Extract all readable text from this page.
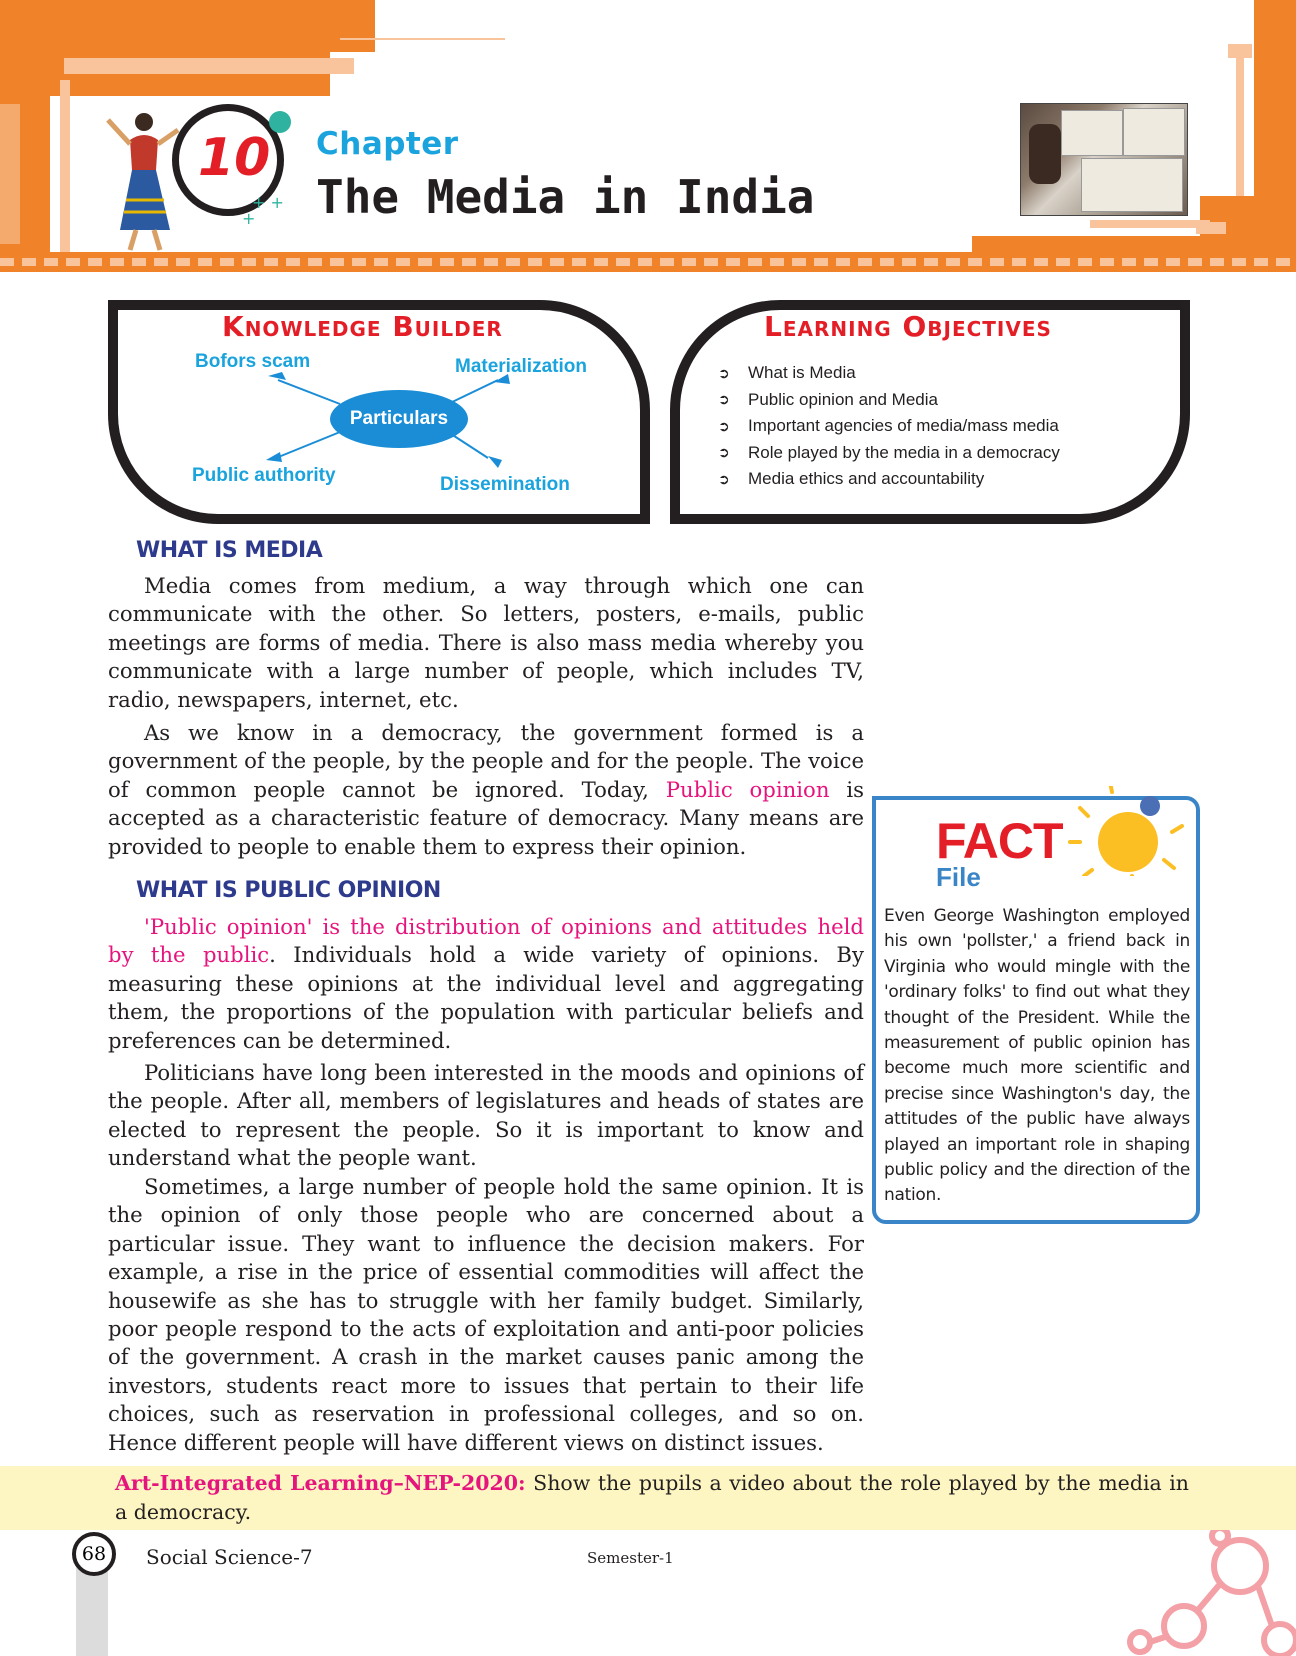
10
+ +
+
Chapter
The Media in India
Knowledge Builder
Bofors scam	Materialization
Public authority	Dissemination
Particulars
Learning Objectives
➲	What is Media
➲	Public opinion and Media
➲	Important agencies of media/mass media
➲	Role played by the media in a democracy
➲	Media ethics and accountability
WHAT IS MEDIA

Media comes from medium, a way through which one can communicate with the other. So letters, posters, e-mails, public meetings are forms of media. There is also mass media whereby you communicate with a large number of people, which includes TV, radio, newspapers, internet, etc.

As we know in a democracy, the government formed is a government of the people, by the people and for the people. The voice of common people cannot be ignored. Today, Public opinion is accepted as a characteristic feature of democracy. Many means are provided to people to enable them to express their opinion.

WHAT IS PUBLIC OPINION

'Public opinion' is the distribution of opinions and attitudes held by the public. Individuals hold a wide variety of opinions. By measuring these opinions at the individual level and aggregating them, the proportions of the population with particular beliefs and preferences can be determined.

Politicians have long been interested in the moods and opinions of the people. After all, members of legislatures and heads of states are elected to represent the people. So it is important to know and understand what the people want.

Sometimes, a large number of people hold the same opinion. It is the opinion of only those people who are concerned about a particular issue. They want to influence the decision makers. For example, a rise in the price of essential commodities will affect the housewife as she has to struggle with her family budget. Similarly, poor people respond to the acts of exploitation and anti-poor policies of the government. A crash in the market causes panic among the investors, students react more to issues that pertain to their life choices, such as reservation in professional colleges, and so on. Hence different people will have different views on distinct issues.

FACT
File

Even George Washington employed his own 'pollster,' a friend back in Virginia who would mingle with the 'ordinary folks' to find out what they thought of the President. While the measurement of public opinion has become much more scientific and precise since Washington's day, the attitudes of the public have always played an important role in shaping public policy and the direction of the nation.

Art-Integrated Learning–NEP-2020: Show the pupils a video about the role played by the media in a democracy.

68	Social Science-7	Semester-1
